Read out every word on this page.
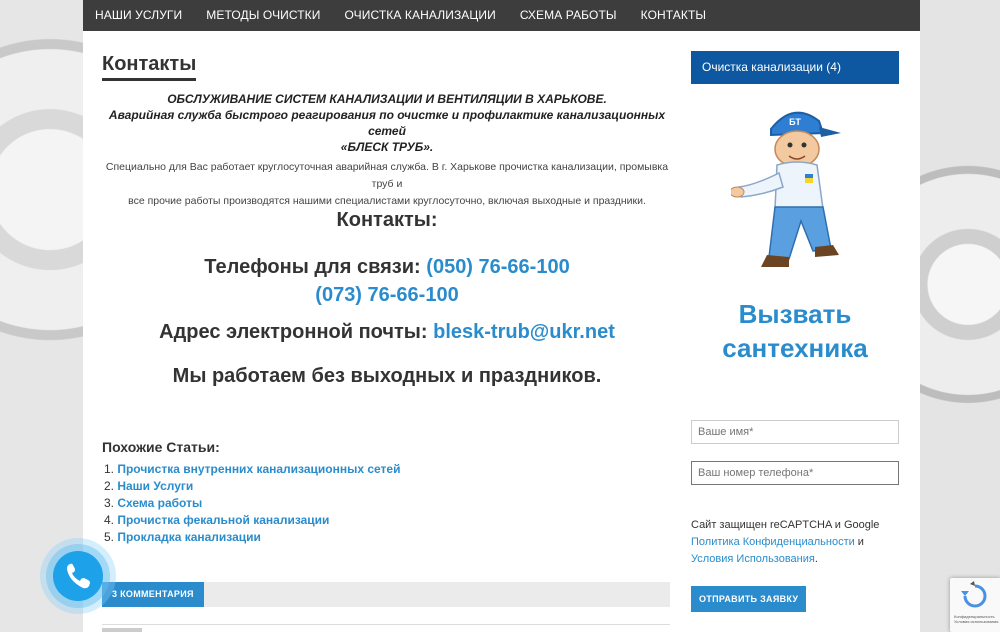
НАШИ УСЛУГИ	МЕТОДЫ ОЧИСТКИ	ОЧИСТКА КАНАЛИЗАЦИИ	СХЕМА РАБОТЫ	КОНТАКТЫ
Контакты
ОБСЛУЖИВАНИЕ СИСТЕМ КАНАЛИЗАЦИИ И ВЕНТИЛЯЦИИ В ХАРЬКОВЕ.
Аварийная служба быстрого реагирования по очистке и профилактике канализационных сетей
«БЛЕСК ТРУБ».
Специально для Вас работает круглосуточная аварийная служба. В г. Харькове прочистка канализации, промывка труб и
все прочие работы производятся нашими специалистами круглосуточно, включая выходные и праздники.
Контакты:
Телефоны для связи: (050) 76-66-100
(073) 76-66-100
Адрес электронной почты: blesk-trub@ukr.net
Мы работаем без выходных и праздников.
Похожие Статьи:
1. Прочистка внутренних канализационных сетей
2. Наши Услуги
3. Схема работы
4. Прочистка фекальной канализации
5. Прокладка канализации
3 КОММЕНТАРИЯ
Очистка канализации (4)
БТ
Вызвать
сантехника
Ваше имя*
Ваш номер телефона*
Сайт защищен reCAPTCHA и Google
Политика Конфиденциальности и
Условия Использования.
ОТПРАВИТЬ ЗАЯВКУ
Конфиденциальность
Условия использования
